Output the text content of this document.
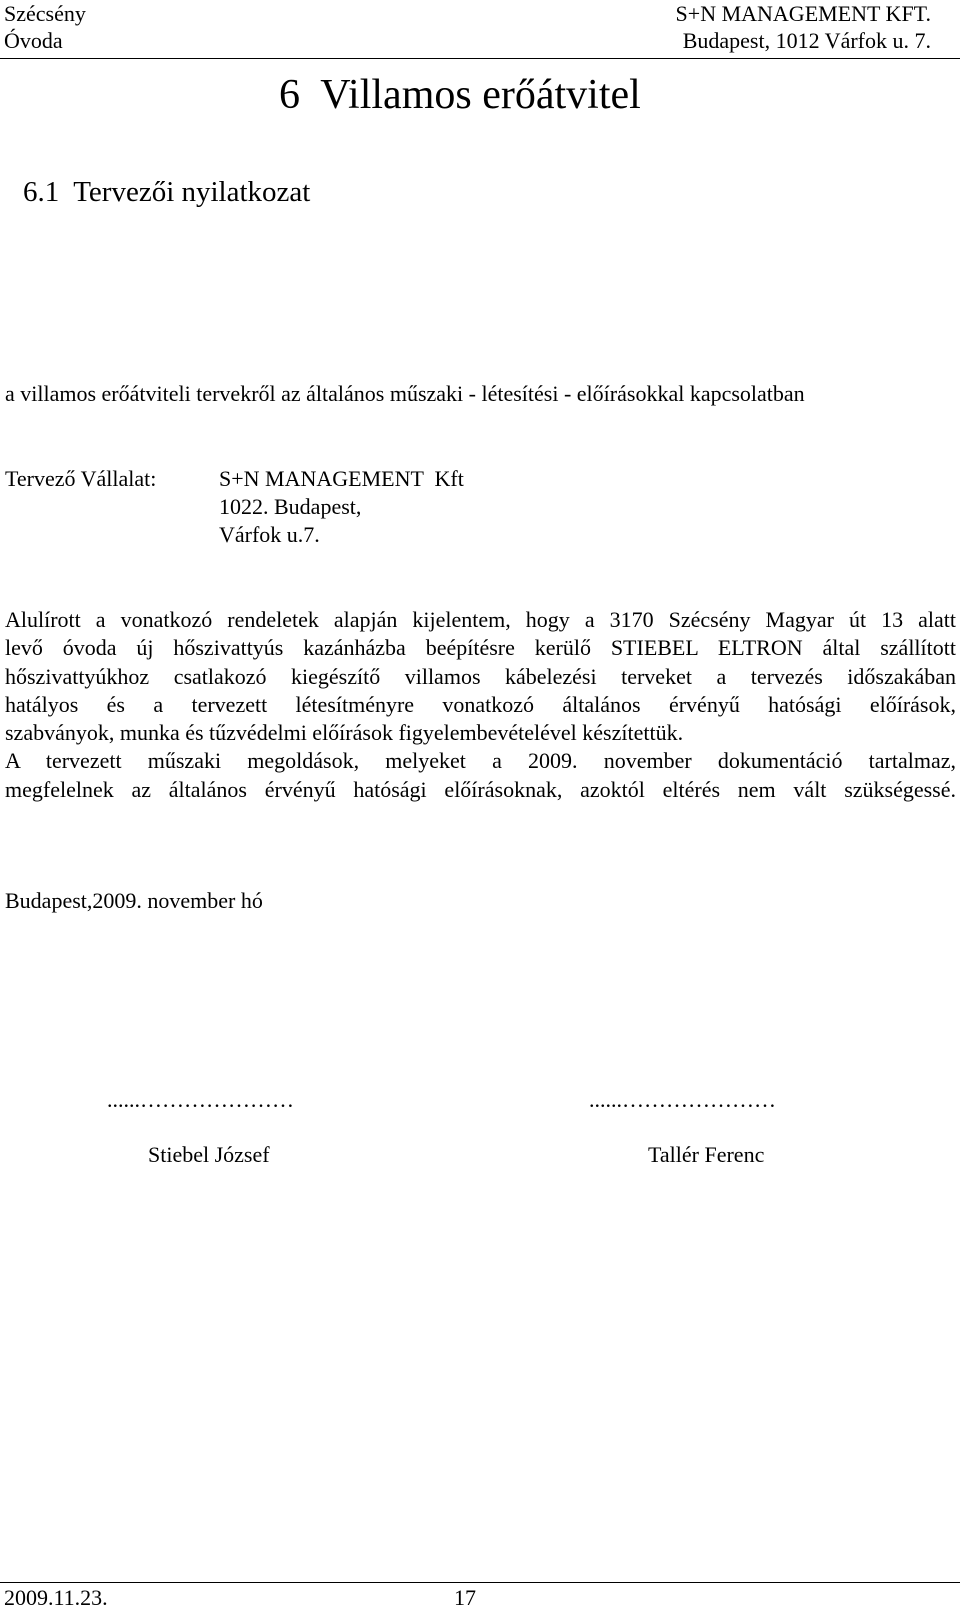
Szécsény
Óvoda
S+N MANAGEMENT KFT.
Budapest, 1012 Várfok u. 7.
6  Villamos erőátvitel
6.1  Tervezői nyilatkozat
a villamos erőátviteli tervekről az általános műszaki - létesítési - előírásokkal kapcsolatban
Tervező Vállalat:	S+N MANAGEMENT  Kft
1022. Budapest,
Várfok u.7.
Alulírott a vonatkozó rendeletek alapján kijelentem, hogy a 3170 Szécsény Magyar út 13 alatt
levő óvoda új hőszivattyús kazánházba beépítésre kerülő STIEBEL ELTRON által szállított
hőszivattyúkhoz csatlakozó kiegészítő villamos kábelezési terveket a tervezés időszakában
hatályos és a tervezett létesítményre vonatkozó általános érvényű hatósági előírások,
szabványok, munka és tűzvédelmi előírások figyelembevételével készítettük.
A tervezett műszaki megoldások, melyeket a 2009. november dokumentáció tartalmaz,
megfelelnek az általános érvényű hatósági előírásoknak, azoktól eltérés nem vált szükségessé.
Budapest,2009. november hó
......…………………
Stiebel József
......…………………
Tallér Ferenc
2009.11.23.	17
